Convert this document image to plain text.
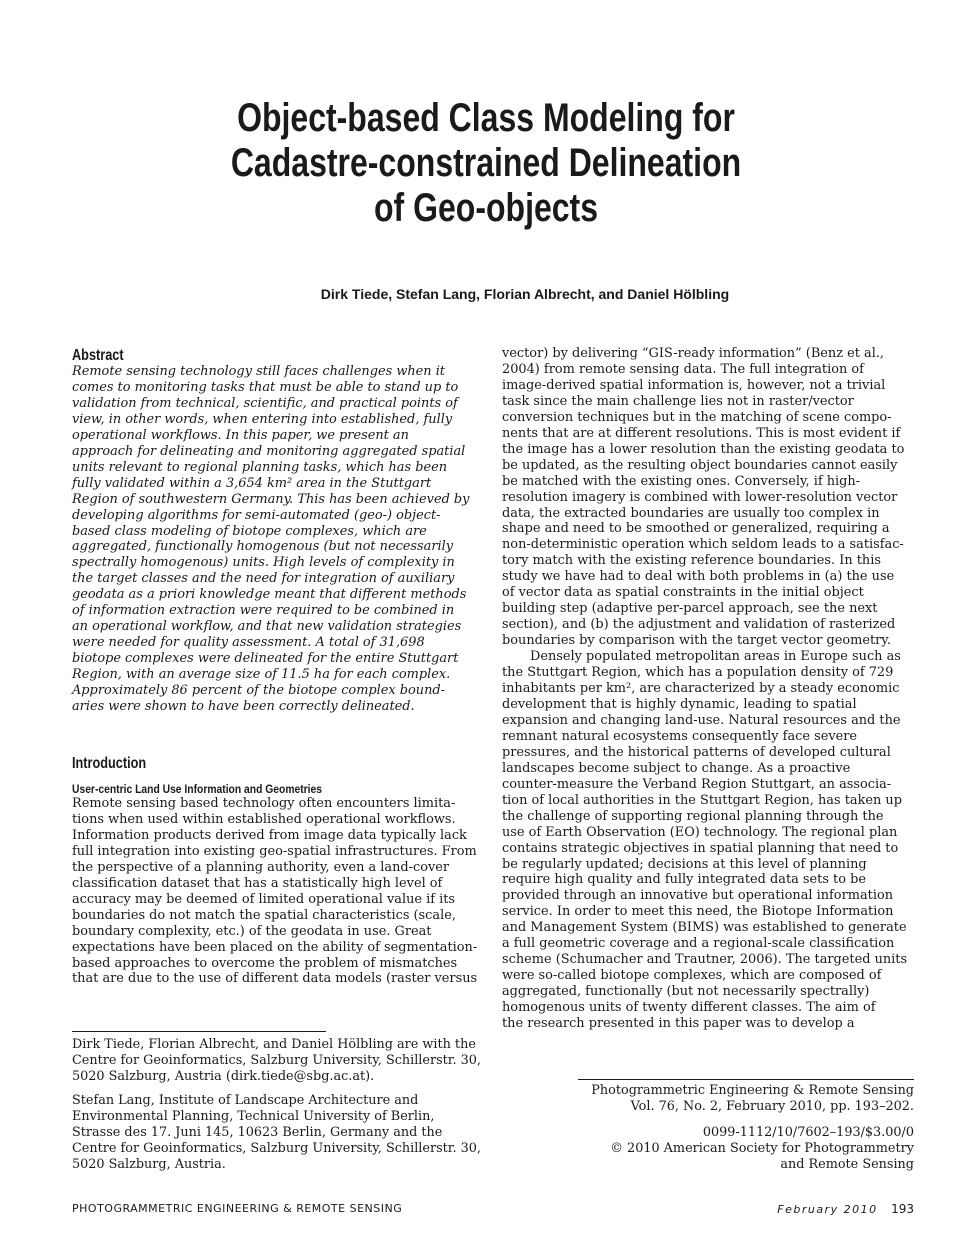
Object-based Class Modeling for
Cadastre-constrained Delineation
of Geo-objects
Dirk Tiede, Stefan Lang, Florian Albrecht, and Daniel Hölbling
Abstract
Remote sensing technology still faces challenges when it
comes to monitoring tasks that must be able to stand up to
validation from technical, scientific, and practical points of
view, in other words, when entering into established, fully
operational workflows. In this paper, we present an
approach for delineating and monitoring aggregated spatial
units relevant to regional planning tasks, which has been
fully validated within a 3,654 km² area in the Stuttgart
Region of southwestern Germany. This has been achieved by
developing algorithms for semi-automated (geo-) object-
based class modeling of biotope complexes, which are
aggregated, functionally homogenous (but not necessarily
spectrally homogenous) units. High levels of complexity in
the target classes and the need for integration of auxiliary
geodata as a priori knowledge meant that different methods
of information extraction were required to be combined in
an operational workflow, and that new validation strategies
were needed for quality assessment. A total of 31,698
biotope complexes were delineated for the entire Stuttgart
Region, with an average size of 11.5 ha for each complex.
Approximately 86 percent of the biotope complex bound-
aries were shown to have been correctly delineated.
Introduction
User-centric Land Use Information and Geometries
Remote sensing based technology often encounters limita-
tions when used within established operational workflows.
Information products derived from image data typically lack
full integration into existing geo-spatial infrastructures. From
the perspective of a planning authority, even a land-cover
classification dataset that has a statistically high level of
accuracy may be deemed of limited operational value if its
boundaries do not match the spatial characteristics (scale,
boundary complexity, etc.) of the geodata in use. Great
expectations have been placed on the ability of segmentation-
based approaches to overcome the problem of mismatches
that are due to the use of different data models (raster versus
vector) by delivering “GIS-ready information” (Benz et al.,
2004) from remote sensing data. The full integration of
image-derived spatial information is, however, not a trivial
task since the main challenge lies not in raster/vector
conversion techniques but in the matching of scene compo-
nents that are at different resolutions. This is most evident if
the image has a lower resolution than the existing geodata to
be updated, as the resulting object boundaries cannot easily
be matched with the existing ones. Conversely, if high-
resolution imagery is combined with lower-resolution vector
data, the extracted boundaries are usually too complex in
shape and need to be smoothed or generalized, requiring a
non-deterministic operation which seldom leads to a satisfac-
tory match with the existing reference boundaries. In this
study we have had to deal with both problems in (a) the use
of vector data as spatial constraints in the initial object
building step (adaptive per-parcel approach, see the next
section), and (b) the adjustment and validation of rasterized
boundaries by comparison with the target vector geometry.
Densely populated metropolitan areas in Europe such as
the Stuttgart Region, which has a population density of 729
inhabitants per km², are characterized by a steady economic
development that is highly dynamic, leading to spatial
expansion and changing land-use. Natural resources and the
remnant natural ecosystems consequently face severe
pressures, and the historical patterns of developed cultural
landscapes become subject to change. As a proactive
counter-measure the Verband Region Stuttgart, an associa-
tion of local authorities in the Stuttgart Region, has taken up
the challenge of supporting regional planning through the
use of Earth Observation (EO) technology. The regional plan
contains strategic objectives in spatial planning that need to
be regularly updated; decisions at this level of planning
require high quality and fully integrated data sets to be
provided through an innovative but operational information
service. In order to meet this need, the Biotope Information
and Management System (BIMS) was established to generate
a full geometric coverage and a regional-scale classification
scheme (Schumacher and Trautner, 2006). The targeted units
were so-called biotope complexes, which are composed of
aggregated, functionally (but not necessarily spectrally)
homogenous units of twenty different classes. The aim of
the research presented in this paper was to develop a
Dirk Tiede, Florian Albrecht, and Daniel Hölbling are with the
Centre for Geoinformatics, Salzburg University, Schillerstr. 30,
5020 Salzburg, Austria (dirk.tiede@sbg.ac.at).
Stefan Lang, Institute of Landscape Architecture and
Environmental Planning, Technical University of Berlin,
Strasse des 17. Juni 145, 10623 Berlin, Germany and the
Centre for Geoinformatics, Salzburg University, Schillerstr. 30,
5020 Salzburg, Austria.
Photogrammetric Engineering & Remote Sensing
Vol. 76, No. 2, February 2010, pp. 193–202.
0099-1112/10/7602–193/$3.00/0
© 2010 American Society for Photogrammetry
and Remote Sensing
PHOTOGRAMMETRIC ENGINEERING & REMOTE SENSING	February 2010 193
